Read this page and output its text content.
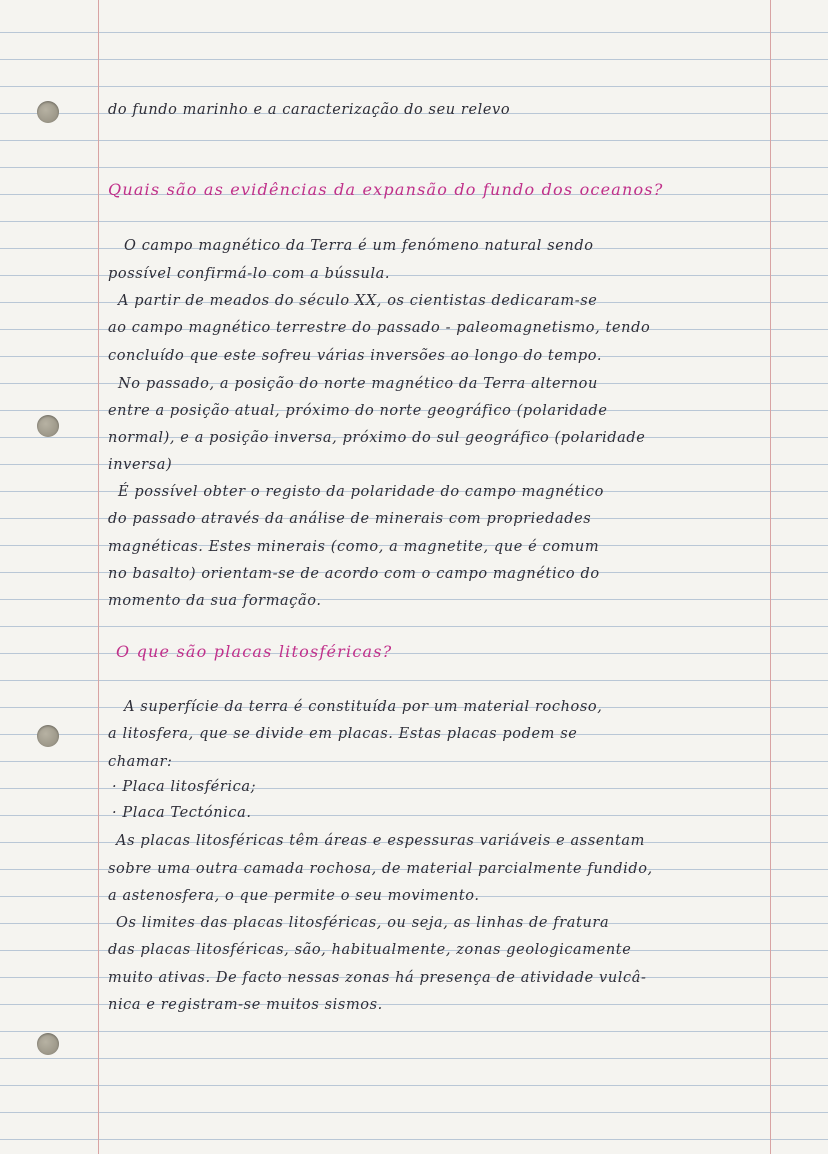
do fundo marinho e a caracterização do seu relevo
Quais são as evidências da expansão do fundo dos oceanos?
O campo magnético da Terra é um fenómeno natural sendo
possível confirmá-lo com a bússula.
A partir de meados do século XX, os cientistas dedicaram-se
ao campo magnético terrestre do passado - paleomagnetismo, tendo
concluído que este sofreu várias inversões ao longo do tempo.
No passado, a posição do norte magnético da Terra alternou
entre a posição atual, próximo do norte geográfico (polaridade
normal), e a posição inversa, próximo do sul geográfico (polaridade
inversa)
É possível obter o registo da polaridade do campo magnético
do passado através da análise de minerais com propriedades
magnéticas. Estes minerais (como, a magnetite, que é comum
no basalto) orientam-se de acordo com o campo magnético do
momento da sua formação.
O que são placas litosféricas?
A superfície da terra é constituída por um material rochoso,
a litosfera, que se divide em placas. Estas placas podem se
chamar:
· Placa litosférica;
· Placa Tectónica.
As placas litosféricas têm áreas e espessuras variáveis e assentam
sobre uma outra camada rochosa, de material parcialmente fundido,
a astenosfera, o que permite o seu movimento.
Os limites das placas litosféricas, ou seja, as linhas de fratura
das placas litosféricas, são, habitualmente, zonas geologicamente
muito ativas. De facto nessas zonas há presença de atividade vulcâ-
nica e registram-se muitos sismos.
